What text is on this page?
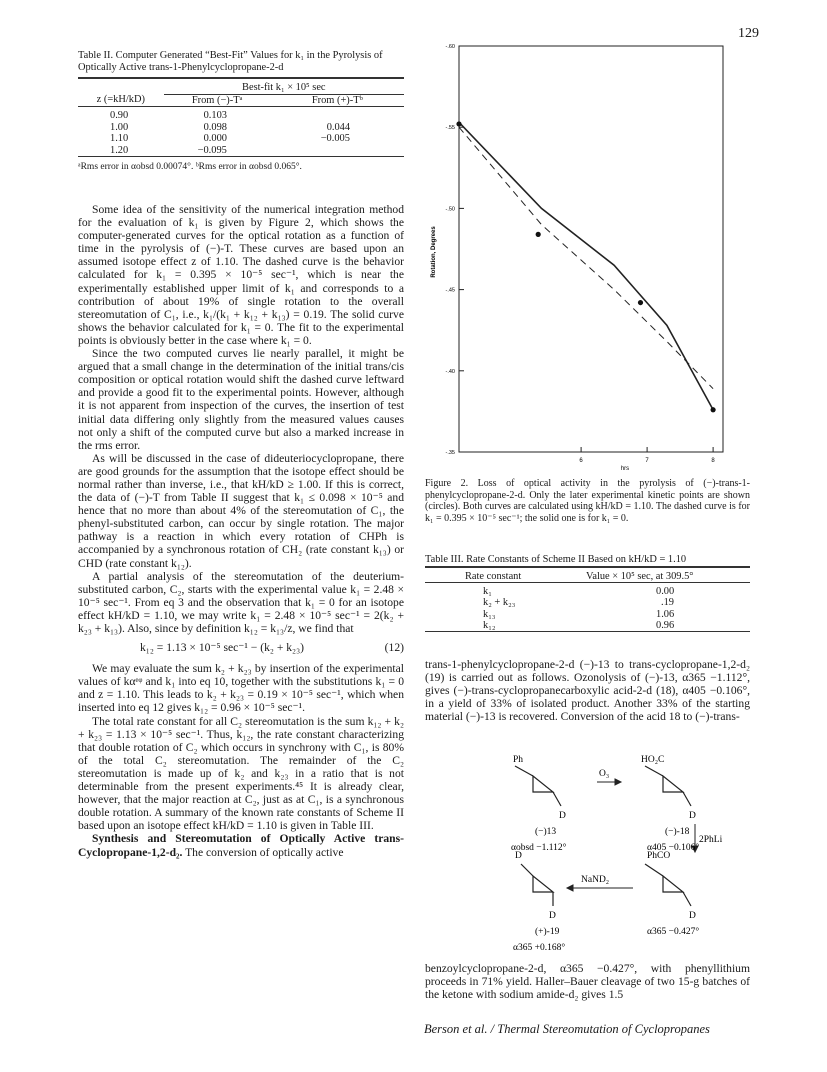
129

Table II. Computer Generated “Best-Fit” Values for k₁ in the Pyrolysis of Optically Active trans-1-Phenylcyclopropane-2-d

	Best-fit k₁ × 10⁵ sec	
z (=kH/kD)	From (−)-Tᵃ	From (+)-Tᵇ

0.90	0.103	
1.00	0.098	0.044
1.10	0.000	−0.005
1.20	−0.095	

ᵃRms error in αobsd 0.00074°. ᵇRms error in αobsd 0.065°.

Some idea of the sensitivity of the numerical integration method for the evaluation of k₁ is given by Figure 2, which shows the computer-generated curves for the optical rotation as a function of time in the pyrolysis of (−)-T. These curves are based upon an assumed isotope effect z of 1.10. The dashed curve is the behavior calculated for k₁ = 0.395 × 10⁻⁵ sec⁻¹, which is near the experimentally established upper limit of k₁ and corresponds to a contribution of about 19% of single rotation to the overall stereomutation of C₁, i.e., k₁/(k₁ + k₁₂ + k₁₃) = 0.19. The solid curve shows the behavior calculated for k₁ = 0. The fit to the experimental points is obviously better in the case where k₁ = 0.

Since the two computed curves lie nearly parallel, it might be argued that a small change in the determination of the initial trans/cis composition or optical rotation would shift the dashed curve leftward and provide a good fit to the experimental points. However, although it is not apparent from inspection of the curves, the insertion of test initial data differing only slightly from the measured values causes not only a shift of the computed curve but also a marked increase in the rms error.

As will be discussed in the case of dideuteriocyclopropane, there are good grounds for the assumption that the isotope effect should be normal rather than inverse, i.e., that kH/kD ≥ 1.00. If this is correct, the data of (−)-T from Table II suggest that k₁ ≤ 0.098 × 10⁻⁵ and hence that no more than about 4% of the stereomutation of C₁, the phenyl-substituted carbon, can occur by single rotation. The major pathway is a reaction in which every rotation of CHPh is accompanied by a synchronous rotation of CH₂ (rate constant k₁₃) or CHD (rate constant k₁₂).

A partial analysis of the stereomutation of the deuterium-substituted carbon, C₂, starts with the experimental value k₁ = 2.48 × 10⁻⁵ sec⁻¹. From eq 3 and the observation that k₁ = 0 for an isotope effect kH/kD = 1.10, we may write k₁ = 2.48 × 10⁻⁵ sec⁻¹ = 2(k₂ + k₂₃ + k₁₃). Also, since by definition k₁₂ = k₁₃/z, we find that

k₁₂ = 1.13 × 10⁻⁵ sec⁻¹ − (k₂ + k₂₃)	(12)

We may evaluate the sum k₂ + k₂₃ by insertion of the experimental values of kαᵉᵠ and k₁ into eq 10, together with the substitutions k₁ = 0 and z = 1.10. This leads to k₂ + k₂₃ = 0.19 × 10⁻⁵ sec⁻¹, which when inserted into eq 12 gives k₁₂ = 0.96 × 10⁻⁵ sec⁻¹.

The total rate constant for all C₂ stereomutation is the sum k₁₂ + k₂ + k₂₃ = 1.13 × 10⁻⁵ sec⁻¹. Thus, k₁₂, the rate constant characterizing that double rotation of C₂ which occurs in synchrony with C₁, is 80% of the total C₂ stereomutation. The remainder of the C₂ stereomutation is made up of k₂ and k₂₃ in a ratio that is not determinable from the present experiments.⁴⁵ It is already clear, however, that the major reaction at C₂, just as at C₁, is a synchronous double rotation. A summary of the known rate constants of Scheme II based upon an isotope effect kH/kD = 1.10 is given in Table III.

Synthesis and Stereomutation of Optically Active trans-Cyclopropane-1,2-d₂. The conversion of optically active

-.60
-.55
-.50
-.45
-.40
-.35
6	7	8
Rotation, Degrees
hrs
Figure 2. Loss of optical activity in the pyrolysis of (−)-trans-1-phenylcyclopropane-2-d. Only the later experimental kinetic points are shown (circles). Both curves are calculated using kH/kD = 1.10. The dashed curve is for k₁ = 0.395 × 10⁻⁵ sec⁻¹; the solid one is for k₁ = 0.

Table III. Rate Constants of Scheme II Based on kH/kD = 1.10

Rate constant	Value × 10⁵ sec, at 309.5°

k₁	0.00
k₂ + k₂₃	.19
k₁₃	1.06
k₁₂	0.96

trans-1-phenylcyclopropane-2-d (−)-13 to trans-cyclopropane-1,2-d₂ (19) is carried out as follows. Ozonolysis of (−)-13, α365 −1.112°, gives (−)-trans-cyclopropanecarboxylic acid-2-d (18), α405 −0.106°, in a yield of 33% of isolated product. Another 33% of the starting material (−)-13 is recovered. Conversion of the acid 18 to (−)-trans-

Ph	HO₂C
O₃
D	D
(−)13	(−)-18
αobsd −1.112°	α405 −0.106°
2PhLi
D	PhCO
NaND₂
D	D
(+)-19	α365 −0.427°
α365 +0.168°

benzoylcyclopropane-2-d, α365 −0.427°, with phenyllithium proceeds in 71% yield. Haller–Bauer cleavage of two 15-g batches of the ketone with sodium amide-d₂ gives 1.5

Berson et al. / Thermal Stereomutation of Cyclopropanes
